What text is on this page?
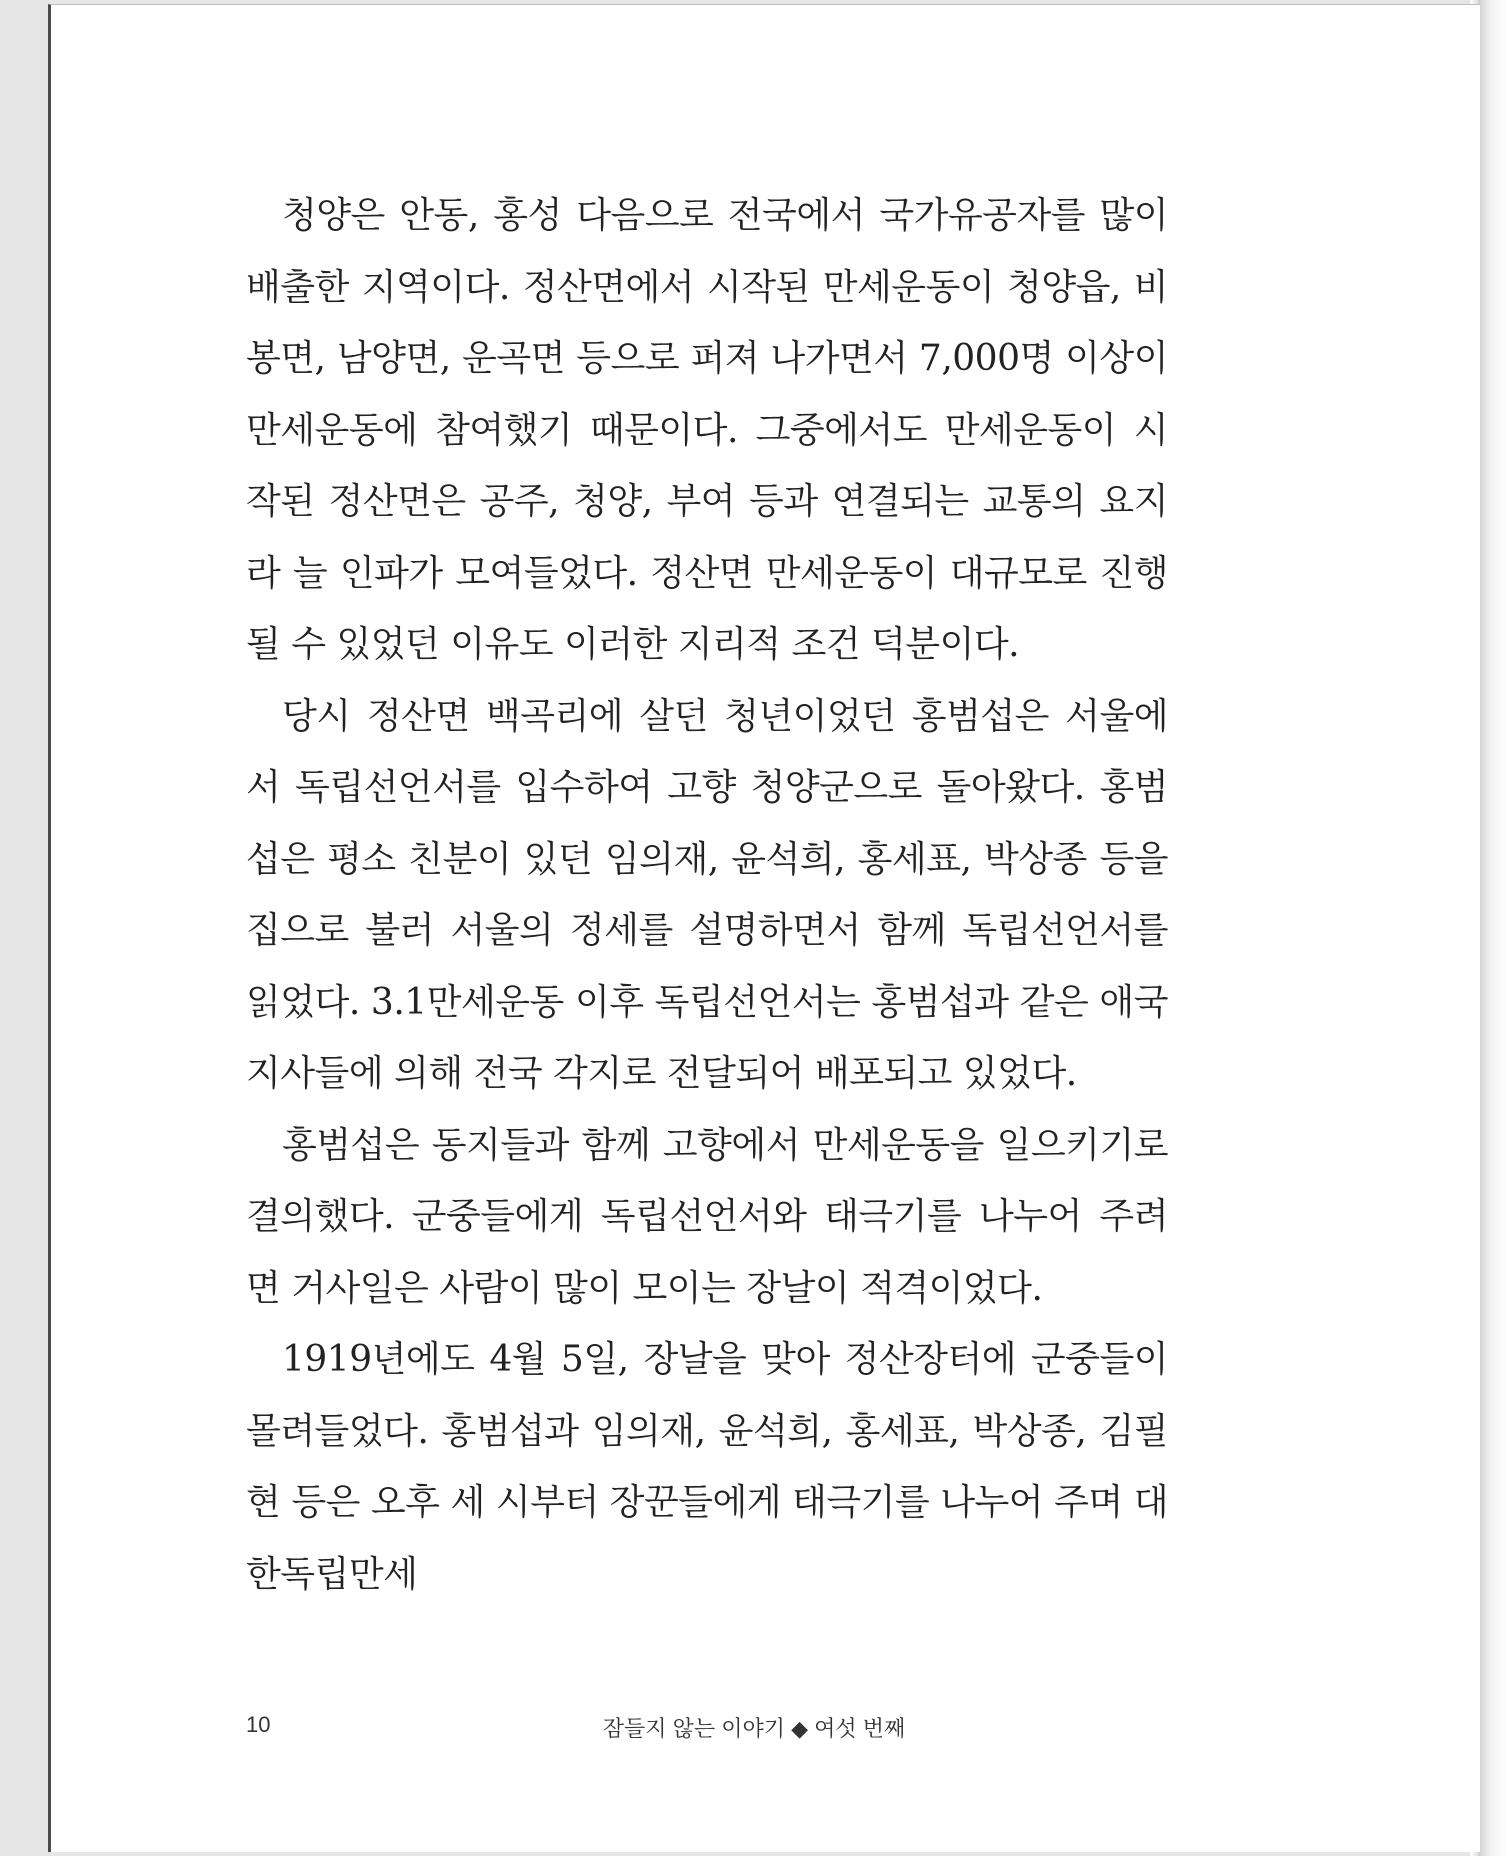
청양은 안동, 홍성 다음으로 전국에서 국가유공자를 많이 배출한 지역이다. 정산면에서 시작된 만세운동이 청양읍, 비봉면, 남양면, 운곡면 등으로 퍼져 나가면서 7,000명 이상이 만세운동에 참여했기 때문이다. 그중에서도 만세운동이 시작된 정산면은 공주, 청양, 부여 등과 연결되는 교통의 요지라 늘 인파가 모여들었다. 정산면 만세운동이 대규모로 진행될 수 있었던 이유도 이러한 지리적 조건 덕분이다.

당시 정산면 백곡리에 살던 청년이었던 홍범섭은 서울에서 독립선언서를 입수하여 고향 청양군으로 돌아왔다. 홍범섭은 평소 친분이 있던 임의재, 윤석희, 홍세표, 박상종 등을 집으로 불러 서울의 정세를 설명하면서 함께 독립선언서를 읽었다. 3.1만세운동 이후 독립선언서는 홍범섭과 같은 애국지사들에 의해 전국 각지로 전달되어 배포되고 있었다.

홍범섭은 동지들과 함께 고향에서 만세운동을 일으키기로 결의했다. 군중들에게 독립선언서와 태극기를 나누어 주려면 거사일은 사람이 많이 모이는 장날이 적격이었다.

1919년에도 4월 5일, 장날을 맞아 정산장터에 군중들이 몰려들었다. 홍범섭과 임의재, 윤석희, 홍세표, 박상종, 김필현 등은 오후 세 시부터 장꾼들에게 태극기를 나누어 주며 대한독립만세

10	잠들지 않는 이야기 ◆ 여섯 번째
